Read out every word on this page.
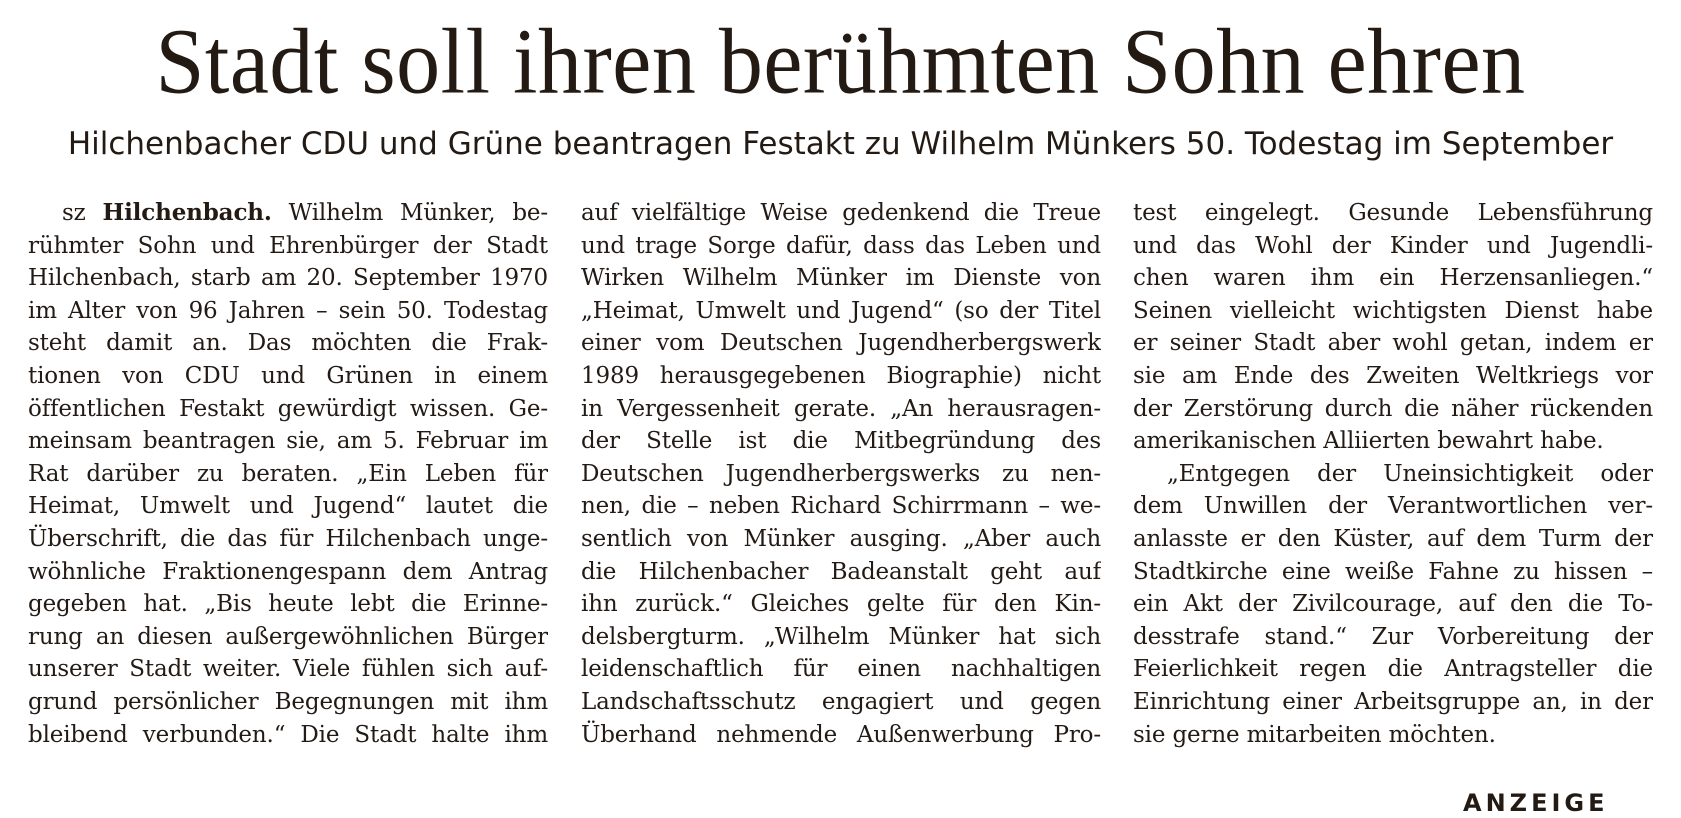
Stadt soll ihren berühmten Sohn ehren
Hilchenbacher CDU und Grüne beantragen Festakt zu Wilhelm Münkers 50. Todestag im September
sz Hilchenbach. Wilhelm Münker, be-
rühmter Sohn und Ehrenbürger der Stadt
Hilchenbach, starb am 20. September 1970
im Alter von 96 Jahren – sein 50. Todestag
steht damit an. Das möchten die Frak-
tionen von CDU und Grünen in einem
öffentlichen Festakt gewürdigt wissen. Ge-
meinsam beantragen sie, am 5. Februar im
Rat darüber zu beraten. „Ein Leben für
Heimat, Umwelt und Jugend“ lautet die
Überschrift, die das für Hilchenbach unge-
wöhnliche Fraktionengespann dem Antrag
gegeben hat. „Bis heute lebt die Erinne-
rung an diesen außergewöhnlichen Bürger
unserer Stadt weiter. Viele fühlen sich auf-
grund persönlicher Begegnungen mit ihm
bleibend verbunden.“ Die Stadt halte ihm
auf vielfältige Weise gedenkend die Treue
und trage Sorge dafür, dass das Leben und
Wirken Wilhelm Münker im Dienste von
„Heimat, Umwelt und Jugend“ (so der Titel
einer vom Deutschen Jugendherbergswerk
1989 herausgegebenen Biographie) nicht
in Vergessenheit gerate. „An herausragen-
der Stelle ist die Mitbegründung des
Deutschen Jugendherbergswerks zu nen-
nen, die – neben Richard Schirrmann – we-
sentlich von Münker ausging. „Aber auch
die Hilchenbacher Badeanstalt geht auf
ihn zurück.“ Gleiches gelte für den Kin-
delsbergturm. „Wilhelm Münker hat sich
leidenschaftlich für einen nachhaltigen
Landschaftsschutz engagiert und gegen
Überhand nehmende Außenwerbung Pro-
test eingelegt. Gesunde Lebensführung
und das Wohl der Kinder und Jugendli-
chen waren ihm ein Herzensanliegen.“
Seinen vielleicht wichtigsten Dienst habe
er seiner Stadt aber wohl getan, indem er
sie am Ende des Zweiten Weltkriegs vor
der Zerstörung durch die näher rückenden
amerikanischen Alliierten bewahrt habe.
„Entgegen der Uneinsichtigkeit oder
dem Unwillen der Verantwortlichen ver-
anlasste er den Küster, auf dem Turm der
Stadtkirche eine weiße Fahne zu hissen –
ein Akt der Zivilcourage, auf den die To-
desstrafe stand.“ Zur Vorbereitung der
Feierlichkeit regen die Antragsteller die
Einrichtung einer Arbeitsgruppe an, in der
sie gerne mitarbeiten möchten.
ANZEIGE
